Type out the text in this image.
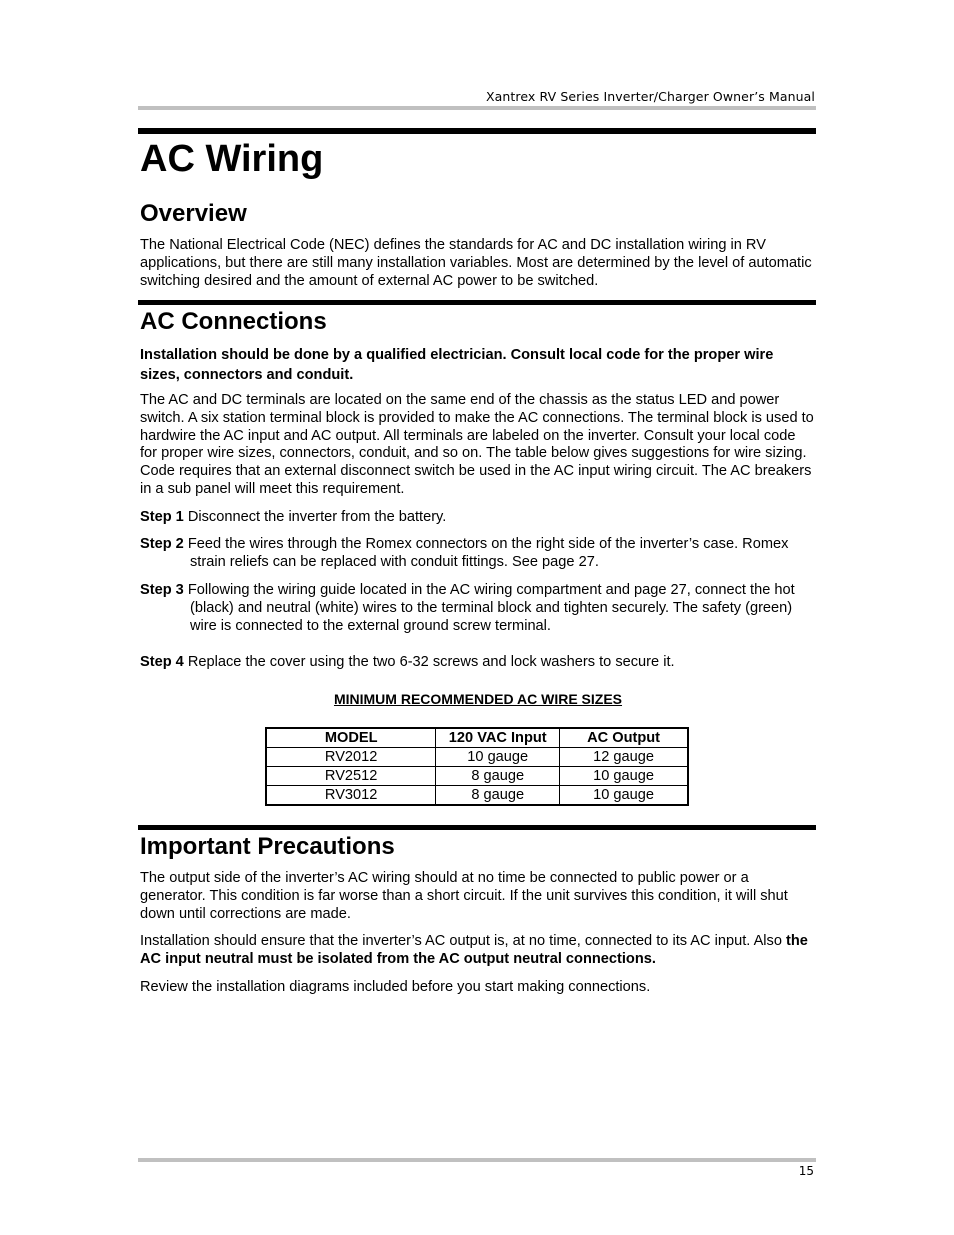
Xantrex RV Series Inverter/Charger Owner’s Manual
AC Wiring
Overview

The National Electrical Code (NEC) defines the standards for AC and DC installation wiring in RV applications, but there are still many installation variables. Most are determined by the level of automatic switching desired and the amount of external AC power to be switched.

AC Connections

Installation should be done by a qualified electrician. Consult local code for the proper wire sizes, connectors and conduit.

The AC and DC terminals are located on the same end of the chassis as the status LED and power switch. A six station terminal block is provided to make the AC connections. The terminal block is used to hardwire the AC input and AC output. All terminals are labeled on the inverter. Consult your local code for proper wire sizes, connectors, conduit, and so on. The table below gives suggestions for wire sizing. Code requires that an external disconnect switch be used in the AC input wiring circuit. The AC breakers in a sub panel will meet this requirement.

Step 1 Disconnect the inverter from the battery.

Step 2 Feed the wires through the Romex connectors on the right side of the inverter’s case. Romex strain reliefs can be replaced with conduit fittings. See page 27.

Step 3 Following the wiring guide located in the AC wiring compartment and page 27, connect the hot (black) and neutral (white) wires to the terminal block and tighten securely. The safety (green) wire is connected to the external ground screw terminal.

Step 4 Replace the cover using the two 6-32 screws and lock washers to secure it.

MINIMUM RECOMMENDED AC WIRE SIZES

MODEL	120 VAC Input	AC Output
RV2012	10 gauge	12 gauge
RV2512	8 gauge	10 gauge
RV3012	8 gauge	10 gauge
Important Precautions

The output side of the inverter’s AC wiring should at no time be connected to public power or a generator. This condition is far worse than a short circuit. If the unit survives this condition, it will shut down until corrections are made.

Installation should ensure that the inverter’s AC output is, at no time, connected to its AC input. Also the AC input neutral must be isolated from the AC output neutral connections.

Review the installation diagrams included before you start making connections.

15
